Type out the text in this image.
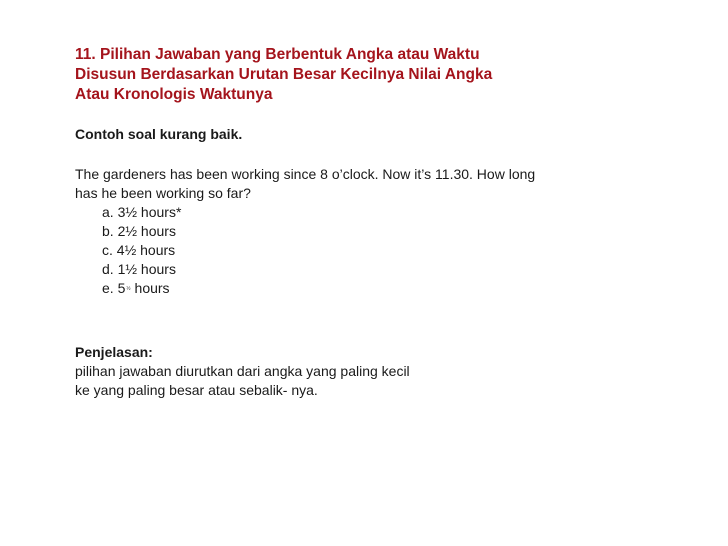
11. Pilihan Jawaban yang Berbentuk Angka atau Waktu
Disusun Berdasarkan Urutan Besar Kecilnya Nilai Angka
Atau Kronologis Waktunya

Contoh soal kurang baik.

The gardeners has been working since 8 o’clock. Now it’s 11.30. How long
has he been working so far?

a. 3½ hours*
b. 2½ hours
c. 4½ hours
d. 1½ hours
e. 5½ hours

Penjelasan:

pilihan jawaban diurutkan dari angka yang paling kecil
ke yang paling besar atau sebalik- nya.
